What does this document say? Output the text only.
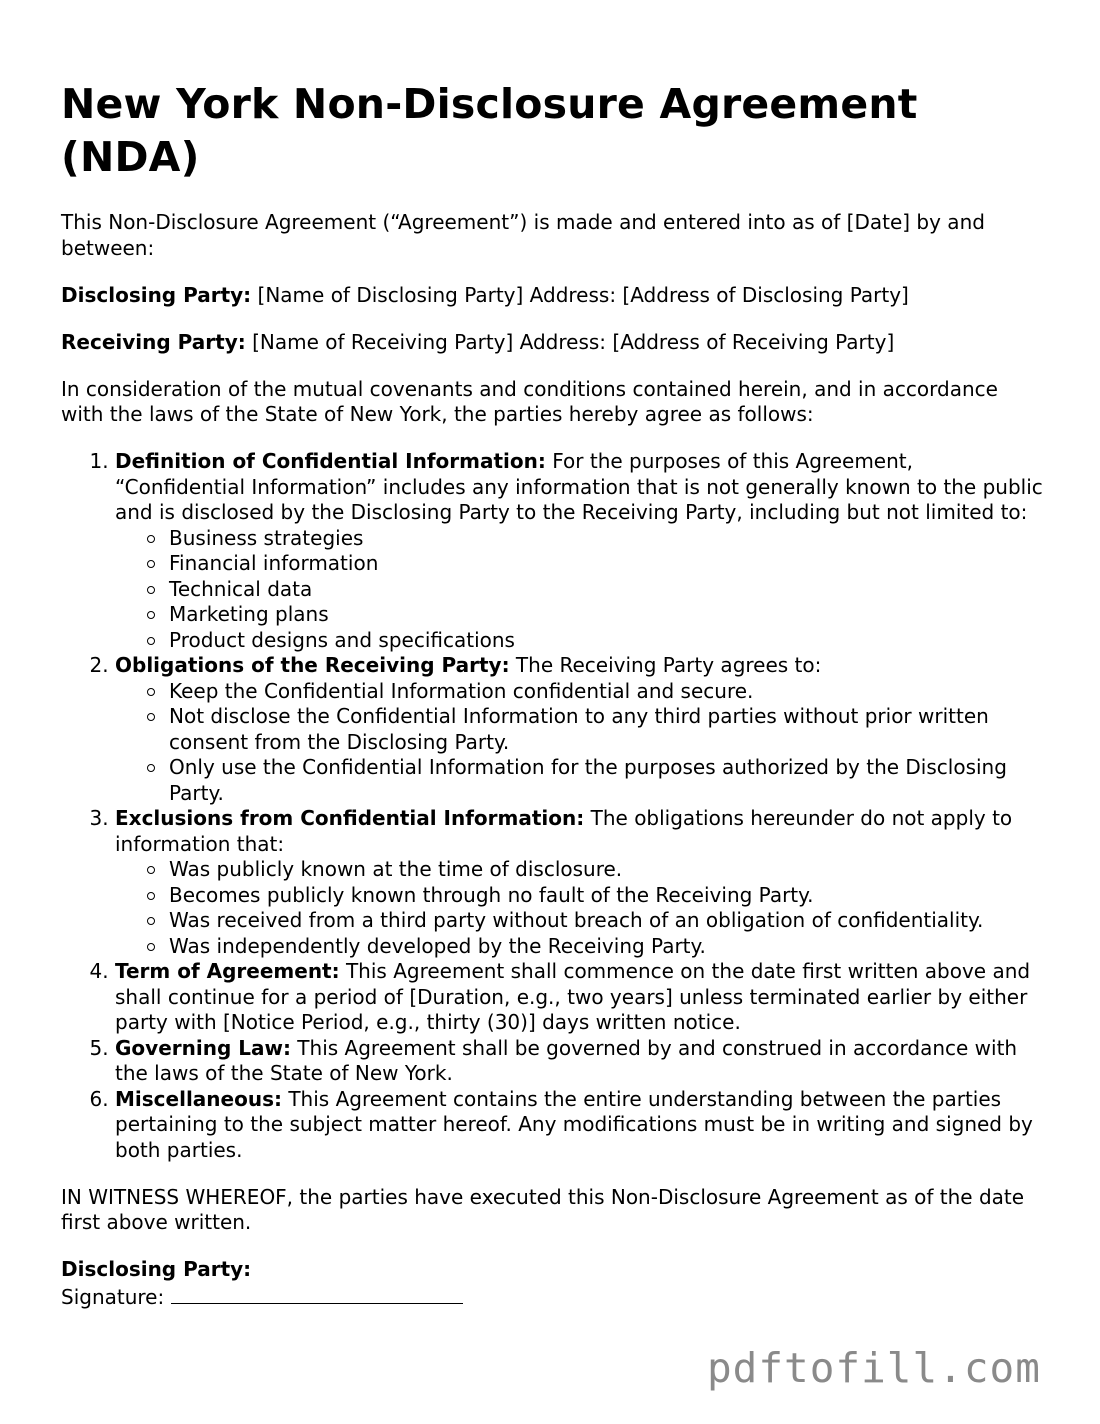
New York Non-Disclosure Agreement (NDA)

This Non-Disclosure Agreement (“Agreement”) is made and entered into as of [Date] by and between:

Disclosing Party: [Name of Disclosing Party] Address: [Address of Disclosing Party]

Receiving Party: [Name of Receiving Party] Address: [Address of Receiving Party]

In consideration of the mutual covenants and conditions contained herein, and in accordance with the laws of the State of New York, the parties hereby agree as follows:

1. Definition of Confidential Information: For the purposes of this Agreement, “Confidential Information” includes any information that is not generally known to the public and is disclosed by the Disclosing Party to the Receiving Party, including but not limited to:
Business strategies
Financial information
Technical data
Marketing plans
Product designs and specifications
2. Obligations of the Receiving Party: The Receiving Party agrees to:
Keep the Confidential Information confidential and secure.
Not disclose the Confidential Information to any third parties without prior written consent from the Disclosing Party.
Only use the Confidential Information for the purposes authorized by the Disclosing Party.
3. Exclusions from Confidential Information: The obligations hereunder do not apply to information that:
Was publicly known at the time of disclosure.
Becomes publicly known through no fault of the Receiving Party.
Was received from a third party without breach of an obligation of confidentiality.
Was independently developed by the Receiving Party.
4. Term of Agreement: This Agreement shall commence on the date first written above and shall continue for a period of [Duration, e.g., two years] unless terminated earlier by either party with [Notice Period, e.g., thirty (30)] days written notice.
5. Governing Law: This Agreement shall be governed by and construed in accordance with the laws of the State of New York.
6. Miscellaneous: This Agreement contains the entire understanding between the parties pertaining to the subject matter hereof. Any modifications must be in writing and signed by both parties.

IN WITNESS WHEREOF, the parties have executed this Non-Disclosure Agreement as of the date first above written.

Disclosing Party:

Signature:

pdftofill.com
